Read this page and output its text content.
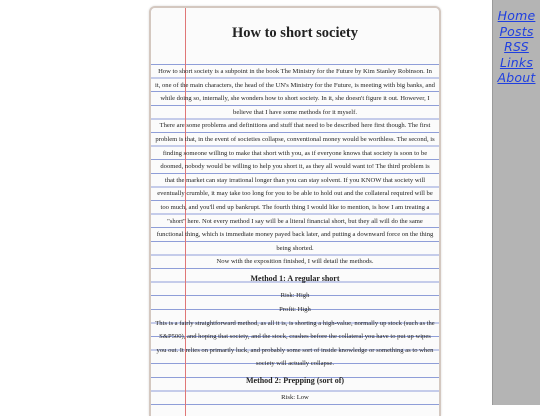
How to short society

How to short society is a subpoint in the book The Ministry for the Future by Kim Stanley Robinson. In it, one of the main characters, the head of the UN's Ministry for the Future, is meeting with big banks, and while doing so, internally, she wonders how to short society. In it, she doesn't figure it out. However, I believe that I have some methods for it myself.

There are some problems and definitions and stuff that need to be described here first though. The first problem is that, in the event of societies collapse, conventional money would be worthless. The second, is finding someone willing to make that short with you, as if everyone knows that society is soon to be doomed, nobody would be willing to help you short it, as they all would want to! The third problem is that the market can stay irrational longer than you can stay solvent. If you KNOW that society will eventually crumble, it may take too long for you to be able to hold out and the collateral required will be too much, and you'll end up bankrupt. The fourth thing I would like to mention, is how I am treating a "short" here. Not every method I say will be a literal financial short, but they all will do the same functional thing, which is immediate money payed back later, and putting a downward force on the thing being shorted.

Now with the exposition finished, I will detail the methods.

Method 1: A regular short

Risk: High

Profit: High

This is a fairly straightforward method, as all it is, is shorting a high-value, normally up stock (such as the S&P500), and hoping that society, and the stock, crashes before the collateral you have to put up wipes you out. It relies on primarily luck, and probably some sort of inside knowledge or something as to when society will actually collapse.

Method 2: Prepping (sort of)

Risk: Low

Home
Posts
RSS
Links
About
